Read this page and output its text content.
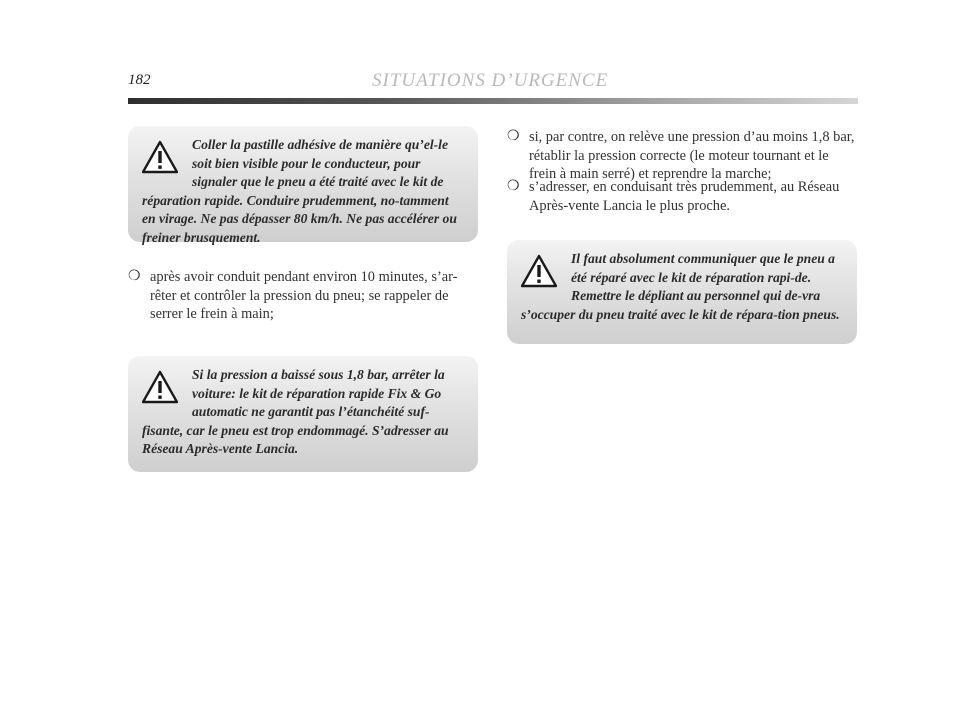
182	SITUATIONS D’URGENCE
Coller la pastille adhésive de manière qu’el-le soit bien visible pour le conducteur, pour signaler que le pneu a été traité avec le kit de réparation rapide. Conduire prudemment, no-tamment en virage. Ne pas dépasser 80 km/h. Ne pas accélérer ou freiner brusquement.
❍ après avoir conduit pendant environ 10 minutes, s’ar-rêter et contrôler la pression du pneu; se rappeler de serrer le frein à main;
Si la pression a baissé sous 1,8 bar, arrêter la voiture: le kit de réparation rapide Fix & Go automatic ne garantit pas l’étanchéité suf-fisante, car le pneu est trop endommagé. S’adresser au Réseau Après-vente Lancia.
❍ si, par contre, on relève une pression d’au moins 1,8 bar, rétablir la pression correcte (le moteur tournant et le frein à main serré) et reprendre la marche;
❍ s’adresser, en conduisant très prudemment, au Réseau Après-vente Lancia le plus proche.
Il faut absolument communiquer que le pneu a été réparé avec le kit de réparation rapi-de. Remettre le dépliant au personnel qui de-vra s’occuper du pneu traité avec le kit de répara-tion pneus.
